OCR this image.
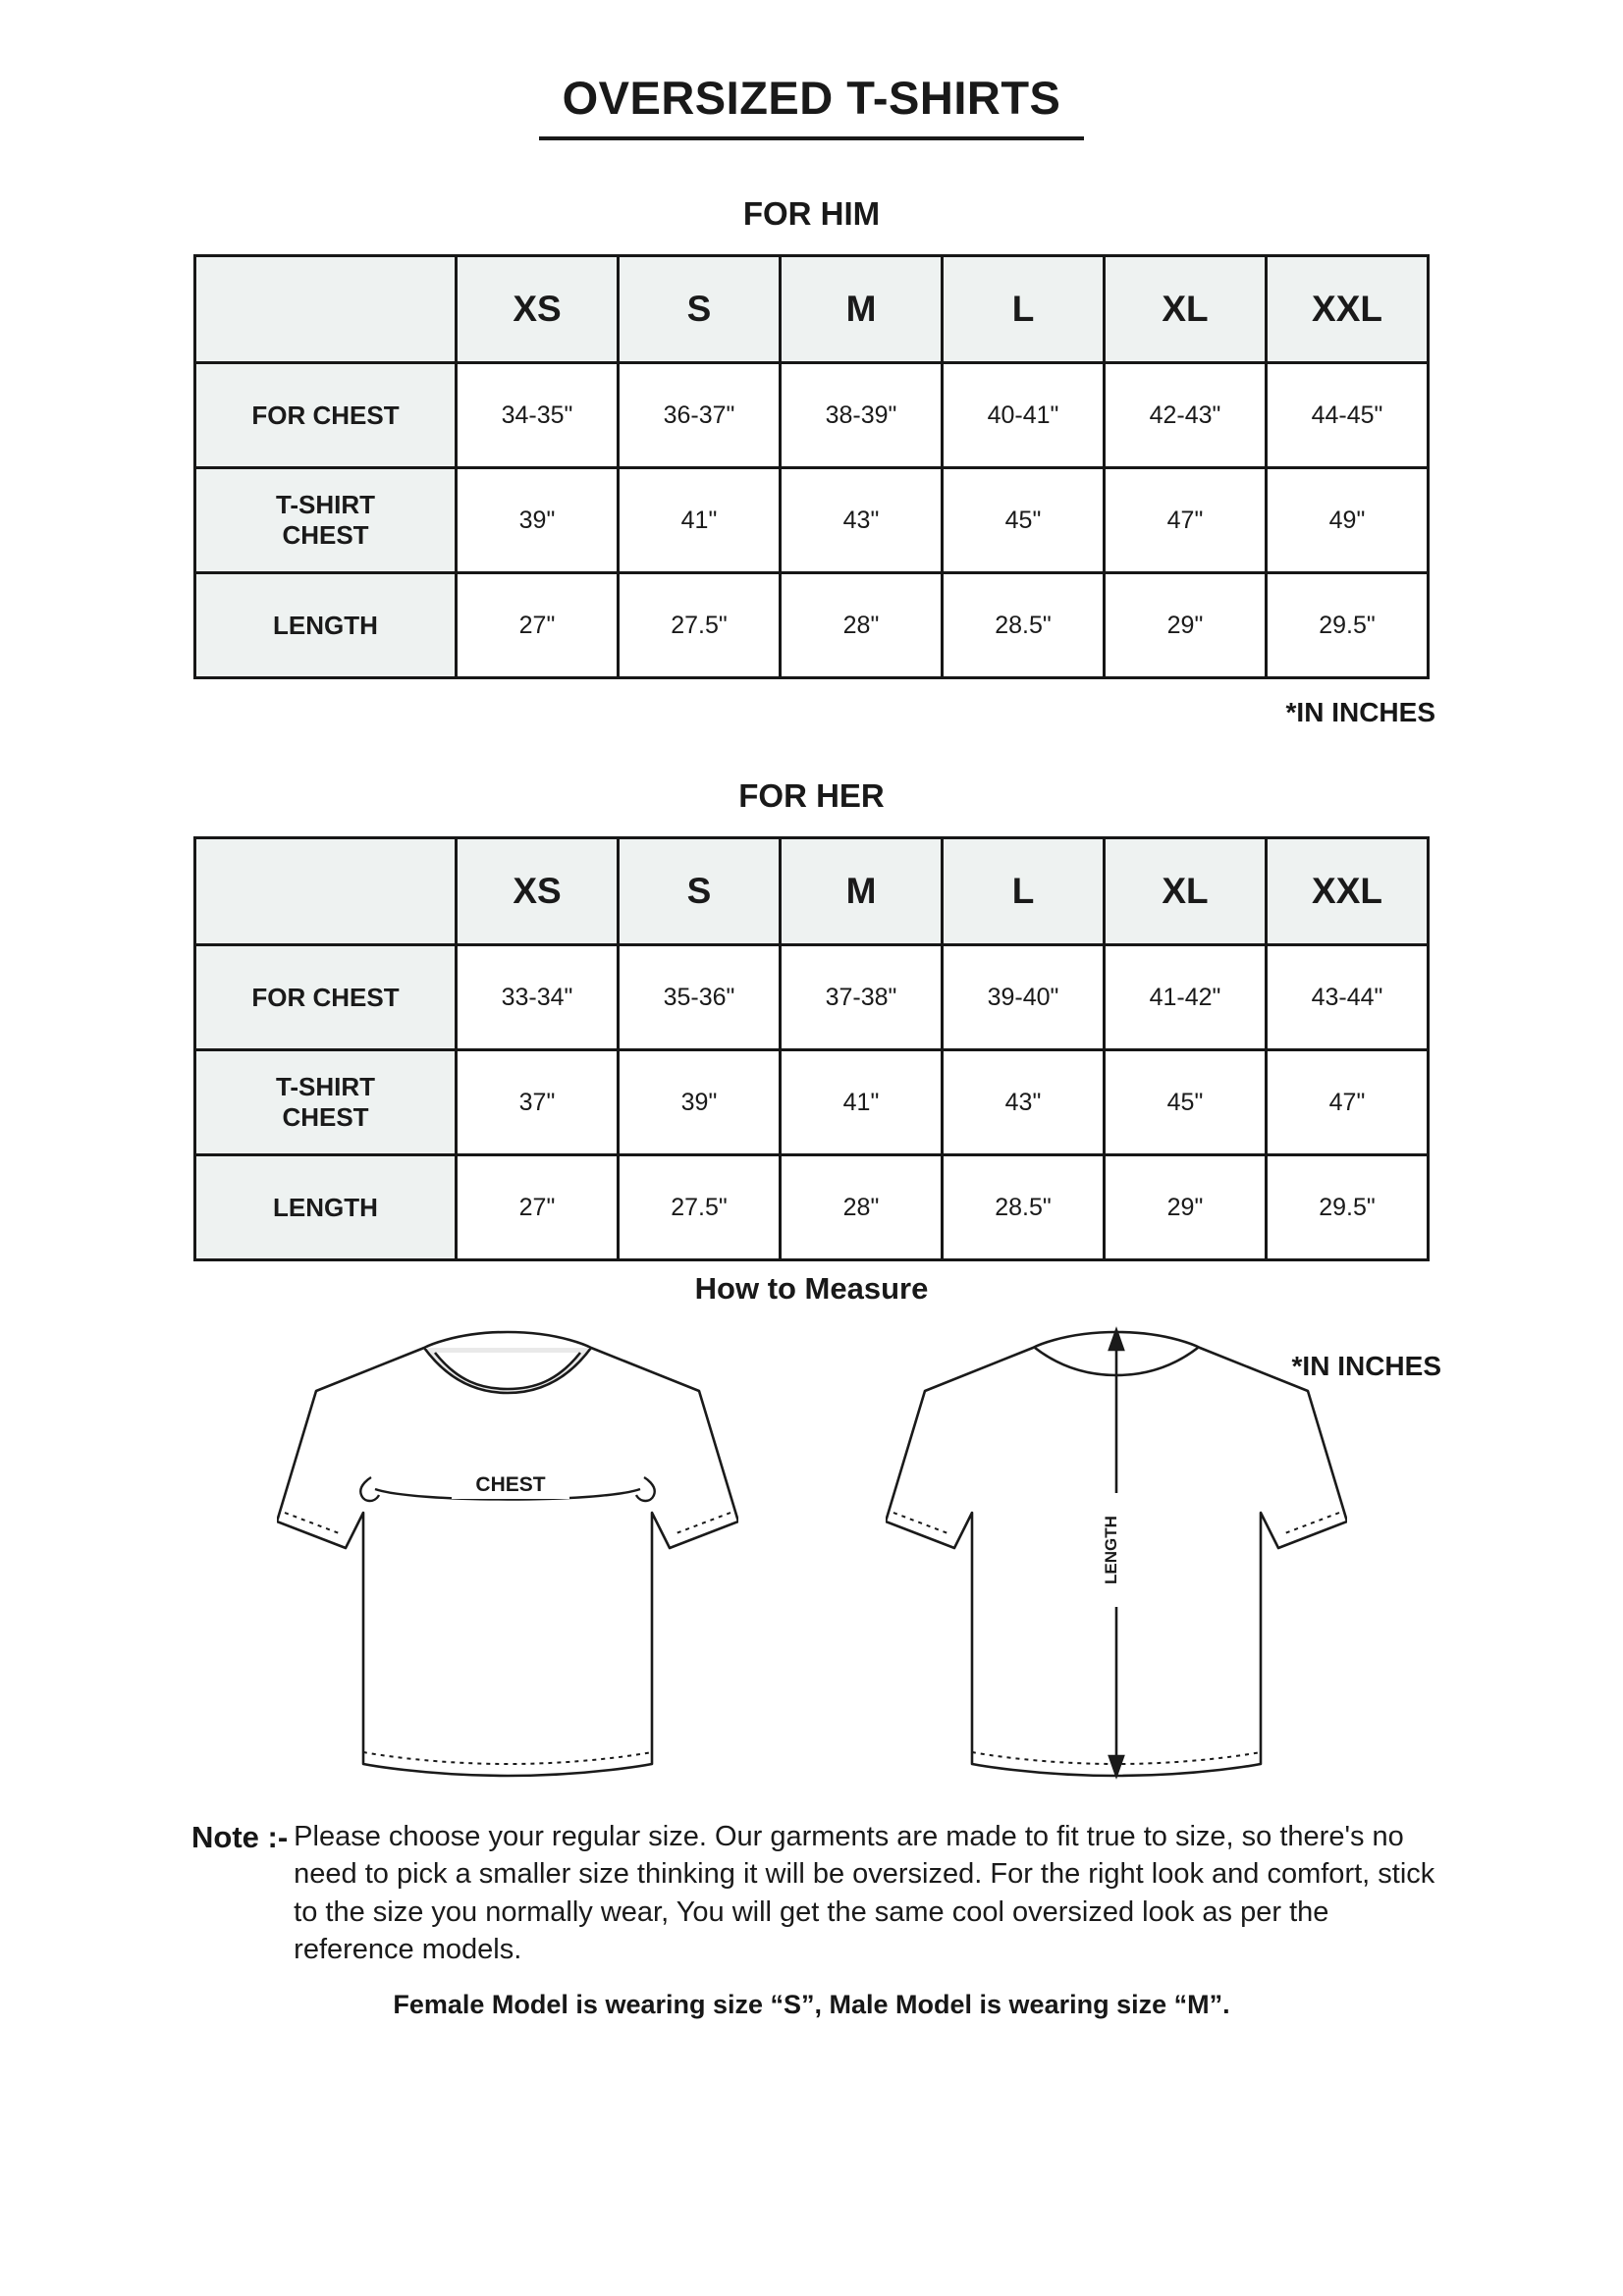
OVERSIZED T-SHIRTS
FOR HIM
	XS	S	M	L	XL	XXL
FOR CHEST	34-35"	36-37"	38-39"	40-41"	42-43"	44-45"
T-SHIRT
CHEST	39"	41"	43"	45"	47"	49"
LENGTH	27"	27.5"	28"	28.5"	29"	29.5"
*IN INCHES
FOR HER
	XS	S	M	L	XL	XXL
FOR CHEST	33-34"	35-36"	37-38"	39-40"	41-42"	43-44"
T-SHIRT
CHEST	37"	39"	41"	43"	45"	47"
LENGTH	27"	27.5"	28"	28.5"	29"	29.5"
*IN INCHES
How to Measure
CHEST
LENGTH
Note :- Please choose your regular size. Our garments are made to fit true to size, so there's no need to pick a smaller size thinking it will be oversized. For the right look and comfort, stick to the size you normally wear, You will get the same cool oversized look as per the reference models.
Female Model is wearing size “S”, Male Model is wearing size “M”.
